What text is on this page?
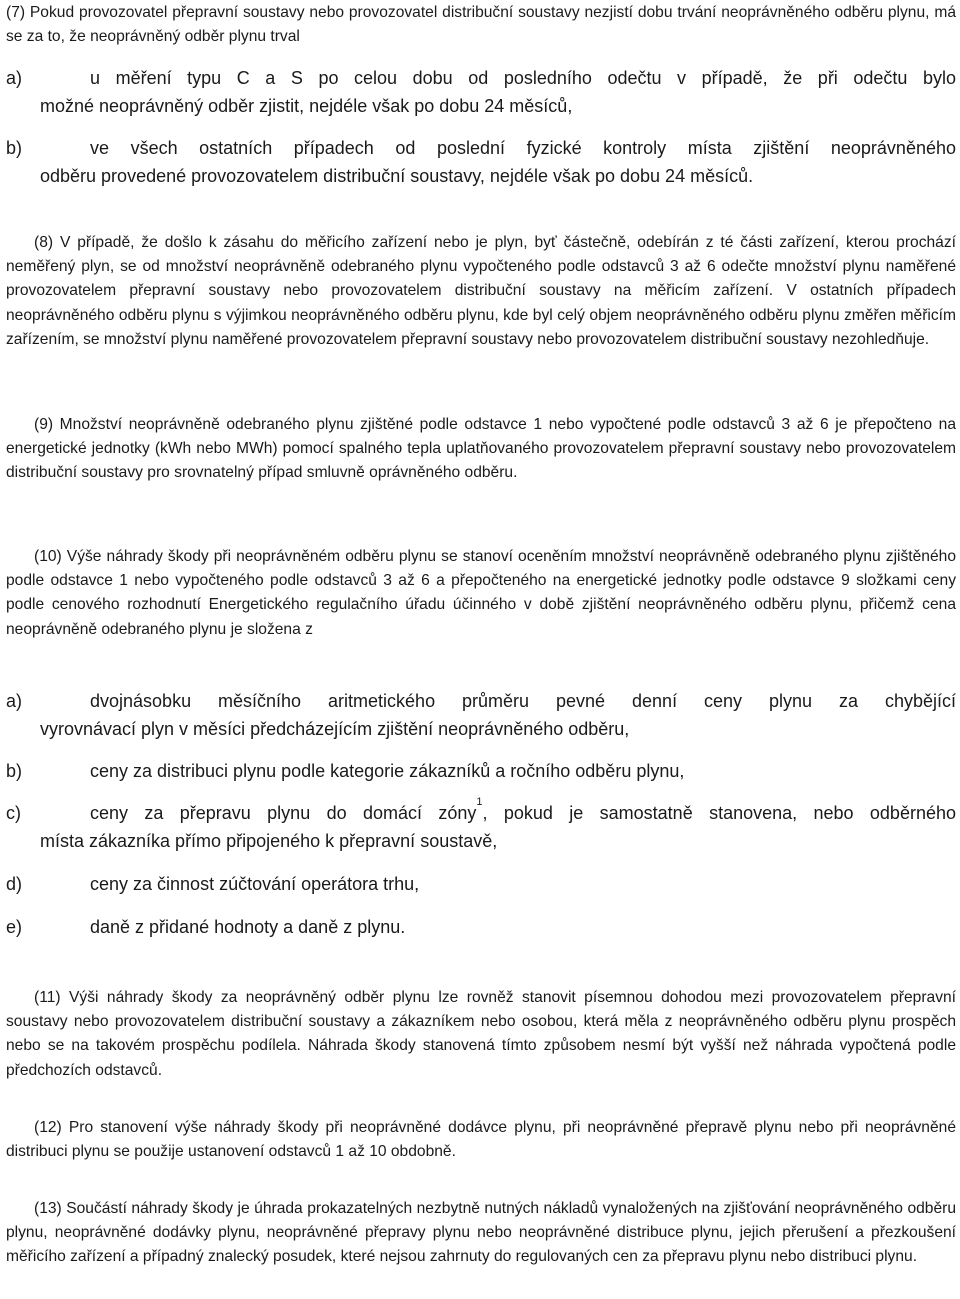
(7) Pokud provozovatel přepravní soustavy nebo provozovatel distribuční soustavy nezjistí dobu trvání neoprávněného odběru plynu, má se za to, že neoprávněný odběr plynu trval

a)	u měření typu C a S po celou dobu od posledního odečtu v případě, že při odečtu bylo
možné neoprávněný odběr zjistit, nejdéle však po dobu 24 měsíců,
b)	ve všech ostatních případech od poslední fyzické kontroly místa zjištění neoprávněného
odběru provedené provozovatelem distribuční soustavy, nejdéle však po dobu 24 měsíců.

(8) V případě, že došlo k zásahu do měřicího zařízení nebo je plyn, byť částečně, odebírán z té části zařízení, kterou prochází neměřený plyn, se od množství neoprávněně odebraného plynu vypočteného podle odstavců 3 až 6 odečte množství plynu naměřené provozovatelem přepravní soustavy nebo provozovatelem distribuční soustavy na měřicím zařízení. V ostatních případech neoprávněného odběru plynu s výjimkou neoprávněného odběru plynu, kde byl celý objem neoprávněného odběru plynu změřen měřicím zařízením, se množství plynu naměřené provozovatelem přepravní soustavy nebo provozovatelem distribuční soustavy nezohledňuje.

(9) Množství neoprávněně odebraného plynu zjištěné podle odstavce 1 nebo vypočtené podle odstavců 3 až 6 je přepočteno na energetické jednotky (kWh nebo MWh) pomocí spalného tepla uplatňovaného provozovatelem přepravní soustavy nebo provozovatelem distribuční soustavy pro srovnatelný případ smluvně oprávněného odběru.

(10) Výše náhrady škody při neoprávněném odběru plynu se stanoví oceněním množství neoprávněně odebraného plynu zjištěného podle odstavce 1 nebo vypočteného podle odstavců 3 až 6 a přepočteného na energetické jednotky podle odstavce 9 složkami ceny podle cenového rozhodnutí Energetického regulačního úřadu účinného v době zjištění neoprávněného odběru plynu, přičemž cena neoprávněně odebraného plynu je složena z

a)	dvojnásobku měsíčního aritmetického průměru pevné denní ceny plynu za chybějící
vyrovnávací plyn v měsíci předcházejícím zjištění neoprávněného odběru,
b)	ceny za distribuci plynu podle kategorie zákazníků a ročního odběru plynu,
c)	ceny za přepravu plynu do domácí zóny$^1$, pokud je samostatně stanovena, nebo odběrného
místa zákazníka přímo připojeného k přepravní soustavě,
d)	ceny za činnost zúčtování operátora trhu,
e)	daně z přidané hodnoty a daně z plynu.

(11) Výši náhrady škody za neoprávněný odběr plynu lze rovněž stanovit písemnou dohodou mezi provozovatelem přepravní soustavy nebo provozovatelem distribuční soustavy a zákazníkem nebo osobou, která měla z neoprávněného odběru plynu prospěch nebo se na takovém prospěchu podílela. Náhrada škody stanovená tímto způsobem nesmí být vyšší než náhrada vypočtená podle předchozích odstavců.

(12) Pro stanovení výše náhrady škody při neoprávněné dodávce plynu, při neoprávněné přepravě plynu nebo při neoprávněné distribuci plynu se použije ustanovení odstavců 1 až 10 obdobně.

(13) Součástí náhrady škody je úhrada prokazatelných nezbytně nutných nákladů vynaložených na zjišťování neoprávněného odběru plynu, neoprávněné dodávky plynu, neoprávněné přepravy plynu nebo neoprávněné distribuce plynu, jejich přerušení a přezkoušení měřicího zařízení a případný znalecký posudek, které nejsou zahrnuty do regulovaných cen za přepravu plynu nebo distribuci plynu.
